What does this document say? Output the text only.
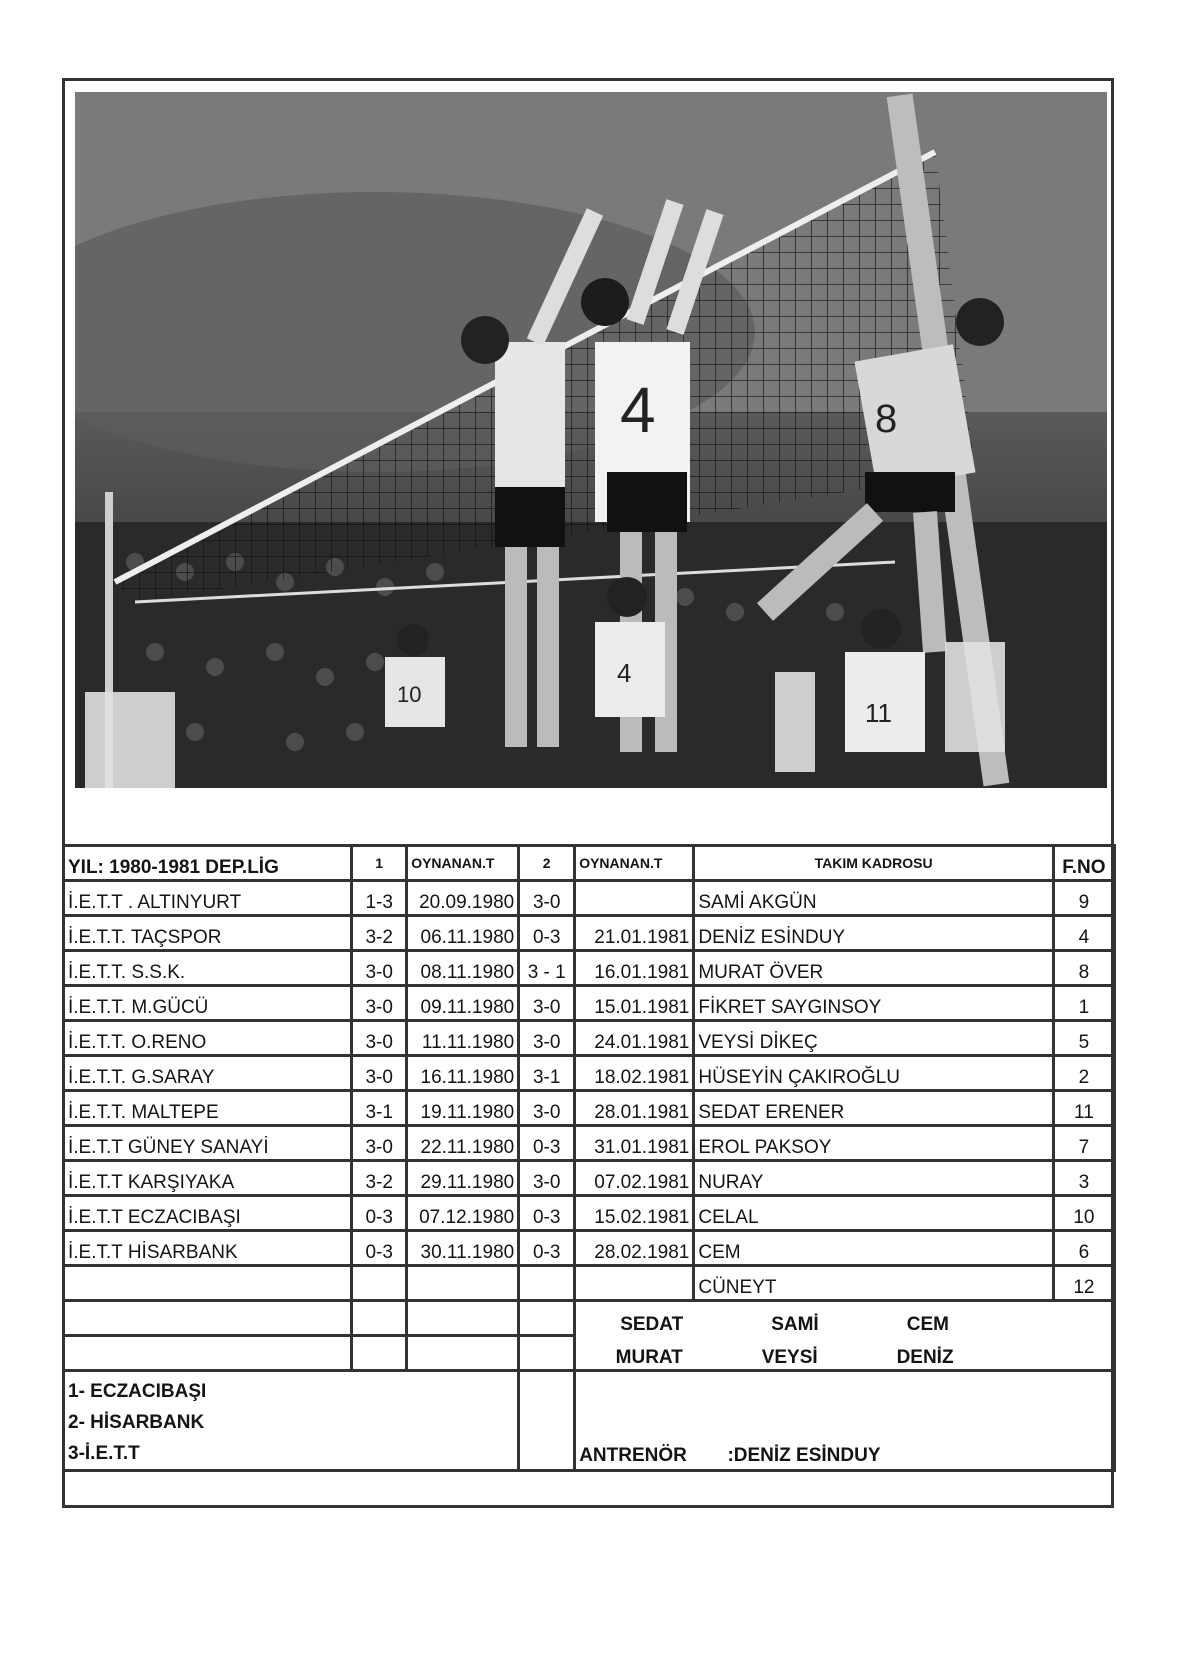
4	8
10
4
11
YIL: 1980-1981 DEP.LİG	1	OYNANAN.T	2	OYNANAN.T	TAKIM KADROSU	F.NO
İ.E.T.T . ALTINYURT	1-3	20.09.1980	3-0		SAMİ AKGÜN	9
İ.E.T.T. TAÇSPOR	3-2	06.11.1980	0-3	21.01.1981	DENİZ ESİNDUY	4
İ.E.T.T. S.S.K.	3-0	08.11.1980	3 - 1	16.01.1981	MURAT ÖVER	8
İ.E.T.T. M.GÜCÜ	3-0	09.11.1980	3-0	15.01.1981	FİKRET SAYGINSOY	1
İ.E.T.T. O.RENO	3-0	11.11.1980	3-0	24.01.1981	VEYSİ DİKEÇ	5
İ.E.T.T. G.SARAY	3-0	16.11.1980	3-1	18.02.1981	HÜSEYİN ÇAKIROĞLU	2
İ.E.T.T. MALTEPE	3-1	19.11.1980	3-0	28.01.1981	SEDAT ERENER	11
İ.E.T.T GÜNEY SANAYİ	3-0	22.11.1980	0-3	31.01.1981	EROL PAKSOY	7
İ.E.T.T KARŞIYAKA	3-2	29.11.1980	3-0	07.02.1981	NURAY	3
İ.E.T.T ECZACIBAŞI	0-3	07.12.1980	0-3	15.02.1981	CELAL	10
İ.E.T.T HİSARBANK	0-3	30.11.1980	0-3	28.02.1981	CEM	6
					CÜNEYT	12

				SEDAT SAMİ CEM		

				MURAT VEYSİ DENİZ		

1- ECZACIBAŞI
2- HİSARBANK
3-İ.E.T.T				ANTRENÖR :DENİZ ESİNDUY		
